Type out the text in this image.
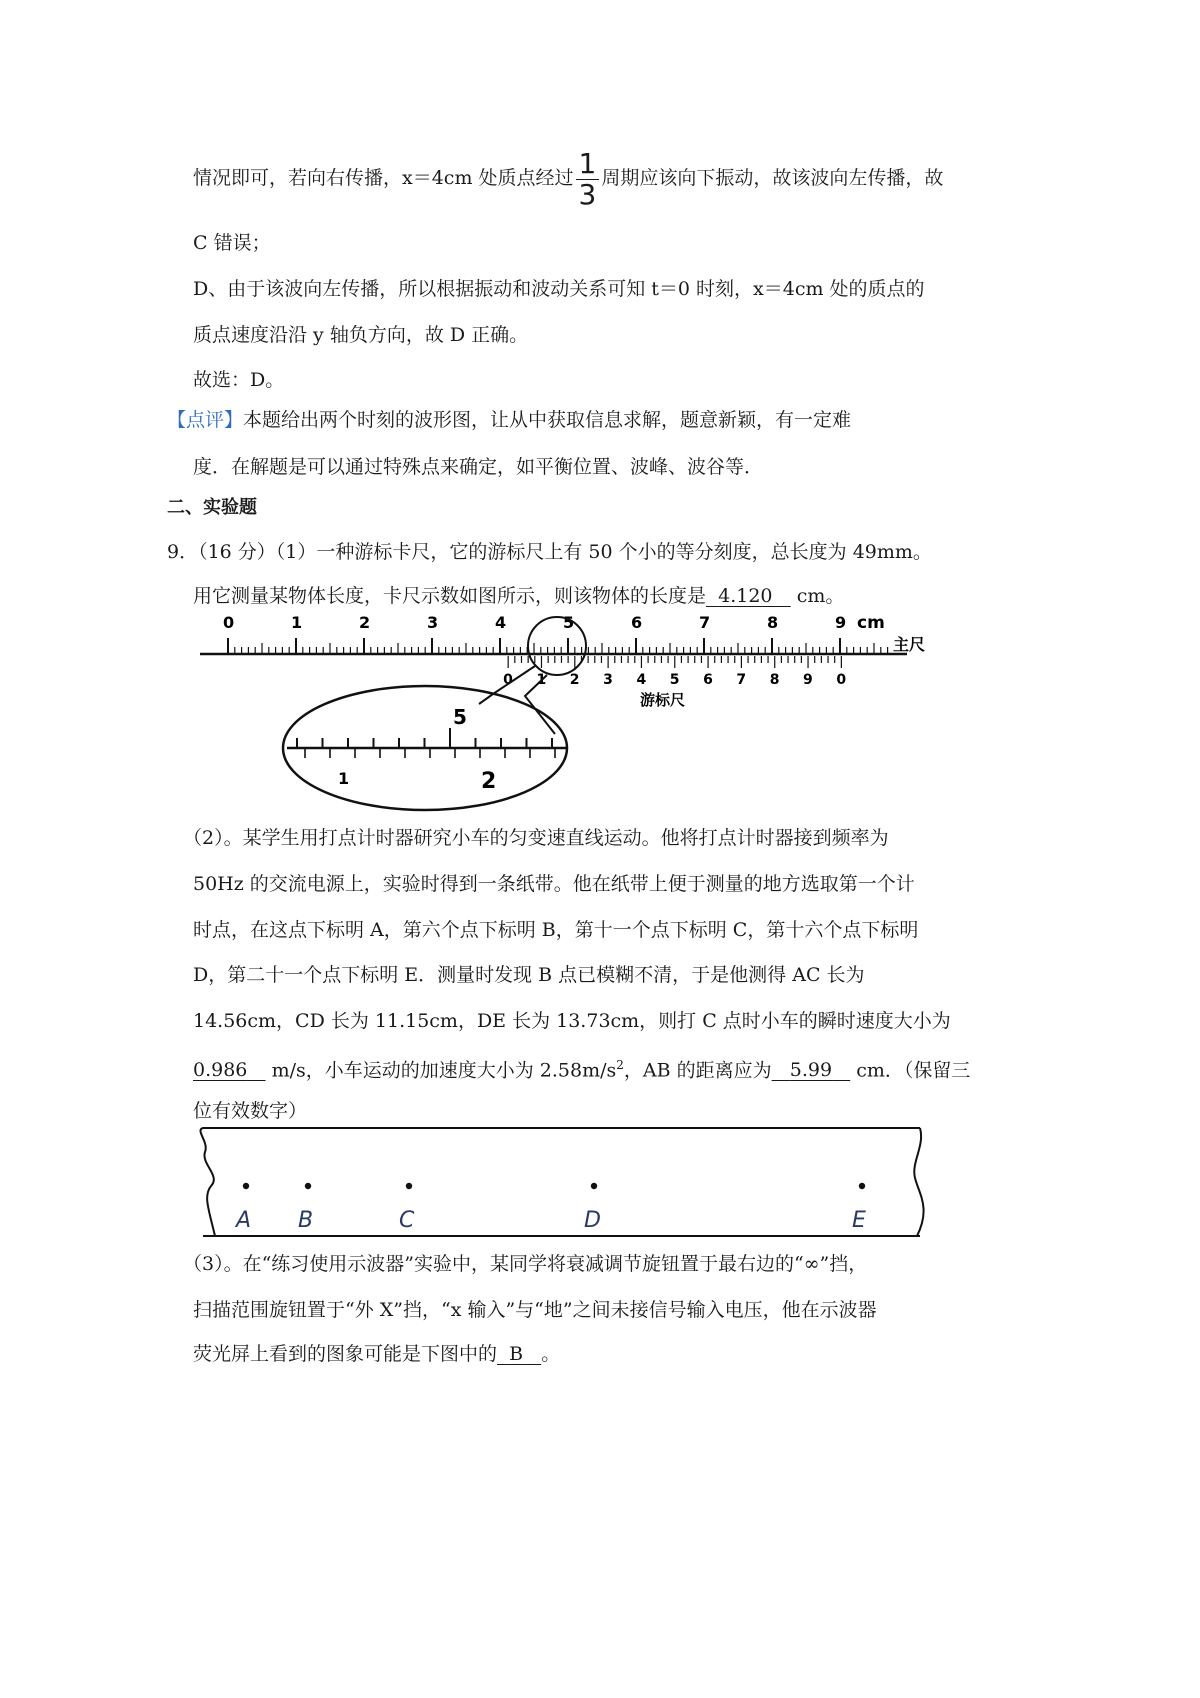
情况即可，若向右传播，x＝4cm 处质点经过 $\frac{1}{3}$ 周期应该向下振动，故该波向左传播，故
C 错误；
D、由于该波向左传播，所以根据振动和波动关系可知 t＝0 时刻，x＝4cm 处的质点的
质点速度沿沿 y 轴负方向，故 D 正确。
故选：D。
【点评】本题给出两个时刻的波形图，让从中获取信息求解，题意新颖，有一定难
度．在解题是可以通过特殊点来确定，如平衡位置、波峰、波谷等．
二、实验题
9．（16 分）（1）一种游标卡尺，它的游标尺上有 50 个小的等分刻度，总长度为 49mm。
用它测量某物体长度，卡尺示数如图所示，则该物体的长度是 4.120 cm。
0	1	2	3	4	5	6	7	8	9 cm
主尺
0 1 2 3 4 5 6 7 8 9 0
游标尺
5
1	2
（2）。某学生用打点计时器研究小车的匀变速直线运动。他将打点计时器接到频率为
50Hz 的交流电源上，实验时得到一条纸带。他在纸带上便于测量的地方选取第一个计
时点，在这点下标明 A，第六个点下标明 B，第十一个点下标明 C，第十六个点下标明
D，第二十一个点下标明 E．测量时发现 B 点已模糊不清，于是他测得 AC 长为
14.56cm，CD 长为 11.15cm，DE 长为 13.73cm，则打 C 点时小车的瞬时速度大小为
0.986 m/s，小车运动的加速度大小为 $2.58m/s^2$，AB 的距离应为 5.99 cm．（保留三
位有效数字）
A B	C	D	E
（3）。在“练习使用示波器”实验中，某同学将衰减调节旋钮置于最右边的“∞”挡，
扫描范围旋钮置于“外 X”挡，“x 输入”与“地”之间未接信号输入电压，他在示波器
荧光屏上看到的图象可能是下图中的 B 。
